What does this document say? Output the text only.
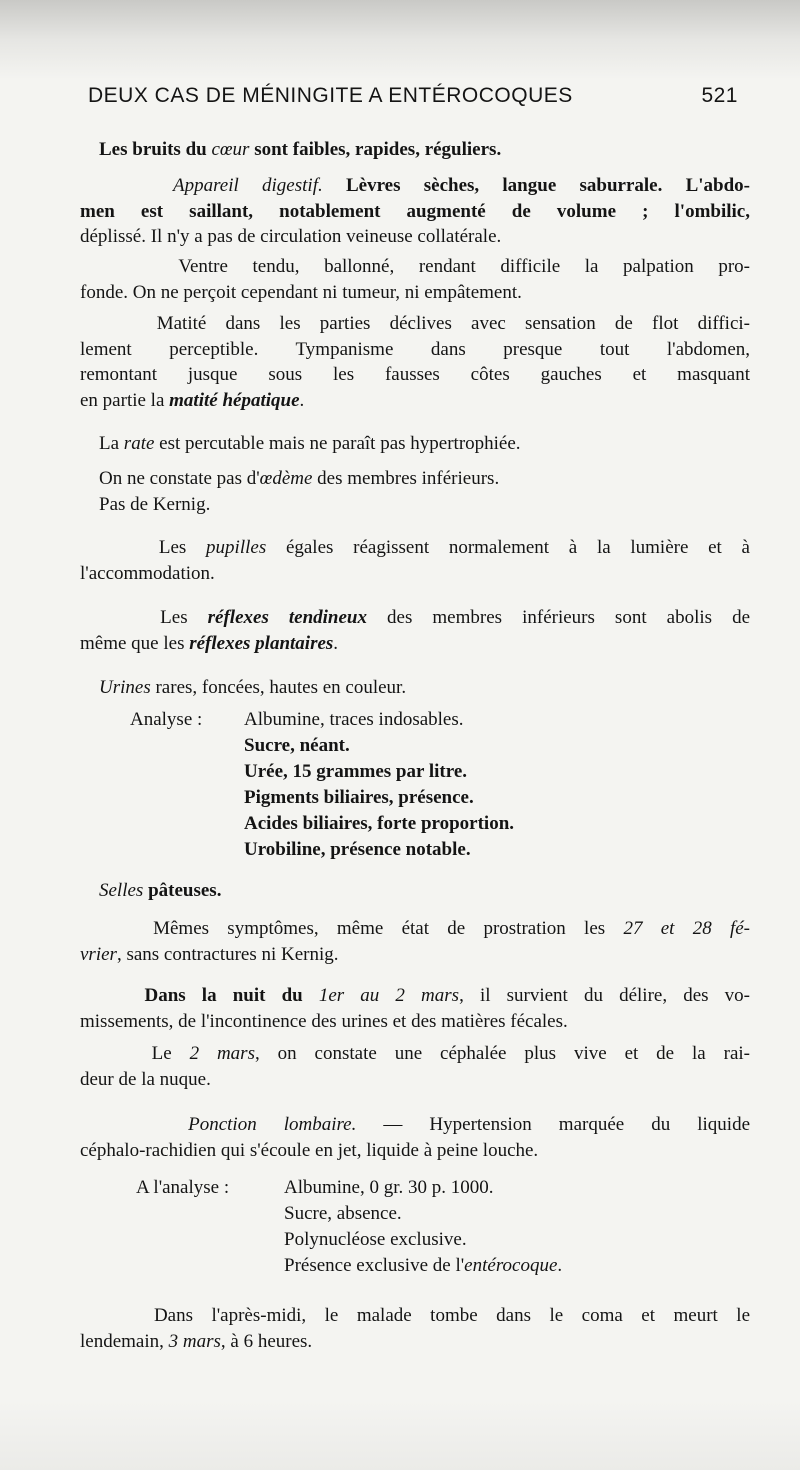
DEUX CAS DE MÉNINGITE A ENTÉROCOQUES	521
Les bruits du cœur sont faibles, rapides, réguliers.
Appareil digestif. Lèvres sèches, langue saburrale. L'abdo-
men est saillant, notablement augmenté de volume ; l'ombilic,
déplissé. Il n'y a pas de circulation veineuse collatérale.
Ventre tendu, ballonné, rendant difficile la palpation pro-
fonde. On ne perçoit cependant ni tumeur, ni empâtement.
Matité dans les parties déclives avec sensation de flot diffici-
lement perceptible. Tympanisme dans presque tout l'abdomen,
remontant jusque sous les fausses côtes gauches et masquant
en partie la matité hépatique.
La rate est percutable mais ne paraît pas hypertrophiée.
On ne constate pas d'œdème des membres inférieurs.
Pas de Kernig.
Les pupilles égales réagissent normalement à la lumière et à
l'accommodation.
Les réflexes tendineux des membres inférieurs sont abolis de
même que les réflexes plantaires.
Urines rares, foncées, hautes en couleur.
Analyse :	Albumine, traces indosables.
Sucre, néant.
Urée, 15 grammes par litre.
Pigments biliaires, présence.
Acides biliaires, forte proportion.
Urobiline, présence notable.
Selles pâteuses.
Mêmes symptômes, même état de prostration les 27 et 28 fé-
vrier, sans contractures ni Kernig.
Dans la nuit du 1er au 2 mars, il survient du délire, des vo-
missements, de l'incontinence des urines et des matières fécales.
Le 2 mars, on constate une céphalée plus vive et de la rai-
deur de la nuque.
Ponction lombaire. — Hypertension marquée du liquide
céphalo-rachidien qui s'écoule en jet, liquide à peine louche.
A l'analyse :	Albumine, 0 gr. 30 p. 1000.
Sucre, absence.
Polynucléose exclusive.
Présence exclusive de l'entérocoque.
Dans l'après-midi, le malade tombe dans le coma et meurt le
lendemain, 3 mars, à 6 heures.
